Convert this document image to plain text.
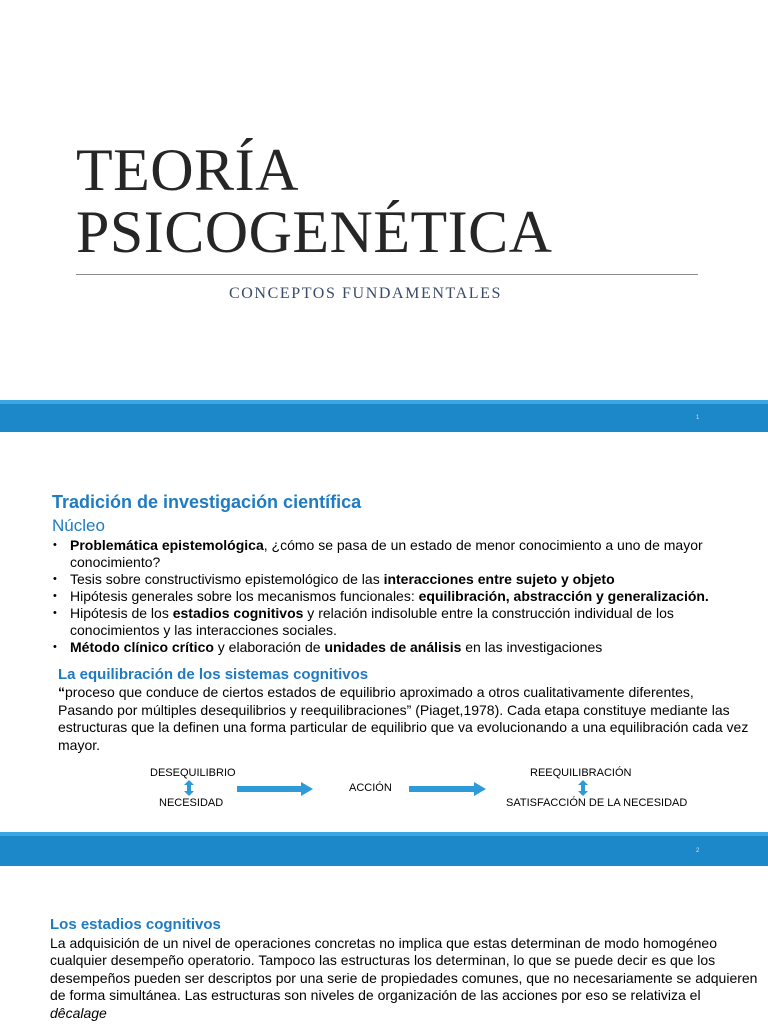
TEORÍA
PSICOGENÉTICA
CONCEPTOS FUNDAMENTALES
1
Tradición de investigación científica
Núcleo
• Problemática epistemológica, ¿cómo se pasa de un estado de menor conocimiento a uno de mayor conocimiento?
• Tesis sobre constructivismo epistemológico de las interacciones entre sujeto y objeto
• Hipótesis generales sobre los mecanismos funcionales: equilibración, abstracción y generalización.
• Hipótesis de los estadios cognitivos y relación indisoluble entre la construcción individual de los conocimientos y las interacciones sociales.
• Método clínico crítico y elaboración de unidades de análisis en las investigaciones
La equilibración de los sistemas cognitivos
“proceso que conduce de ciertos estados de equilibrio aproximado a otros cualitativamente diferentes, Pasando por múltiples desequilibrios y reequilibraciones” (Piaget,1978). Cada etapa constituye mediante las estructuras que la definen una forma particular de equilibrio que va evolucionando a una equilibración cada vez mayor.
DESEQUILIBRIO
NECESIDAD
ACCIÓN
REEQUILIBRACIÓN
SATISFACCIÓN DE LA NECESIDAD
2
Los estadios cognitivos
La adquisición de un nivel de operaciones concretas no implica que estas determinan de modo homogéneo cualquier desempeño operatorio. Tampoco las estructuras los determinan, lo que se puede decir es que los desempeños pueden ser descriptos por una serie de propiedades comunes, que no necesariamente se adquieren de forma simultánea. Las estructuras son niveles de organización de las acciones por eso se relativiza el dêcalage
